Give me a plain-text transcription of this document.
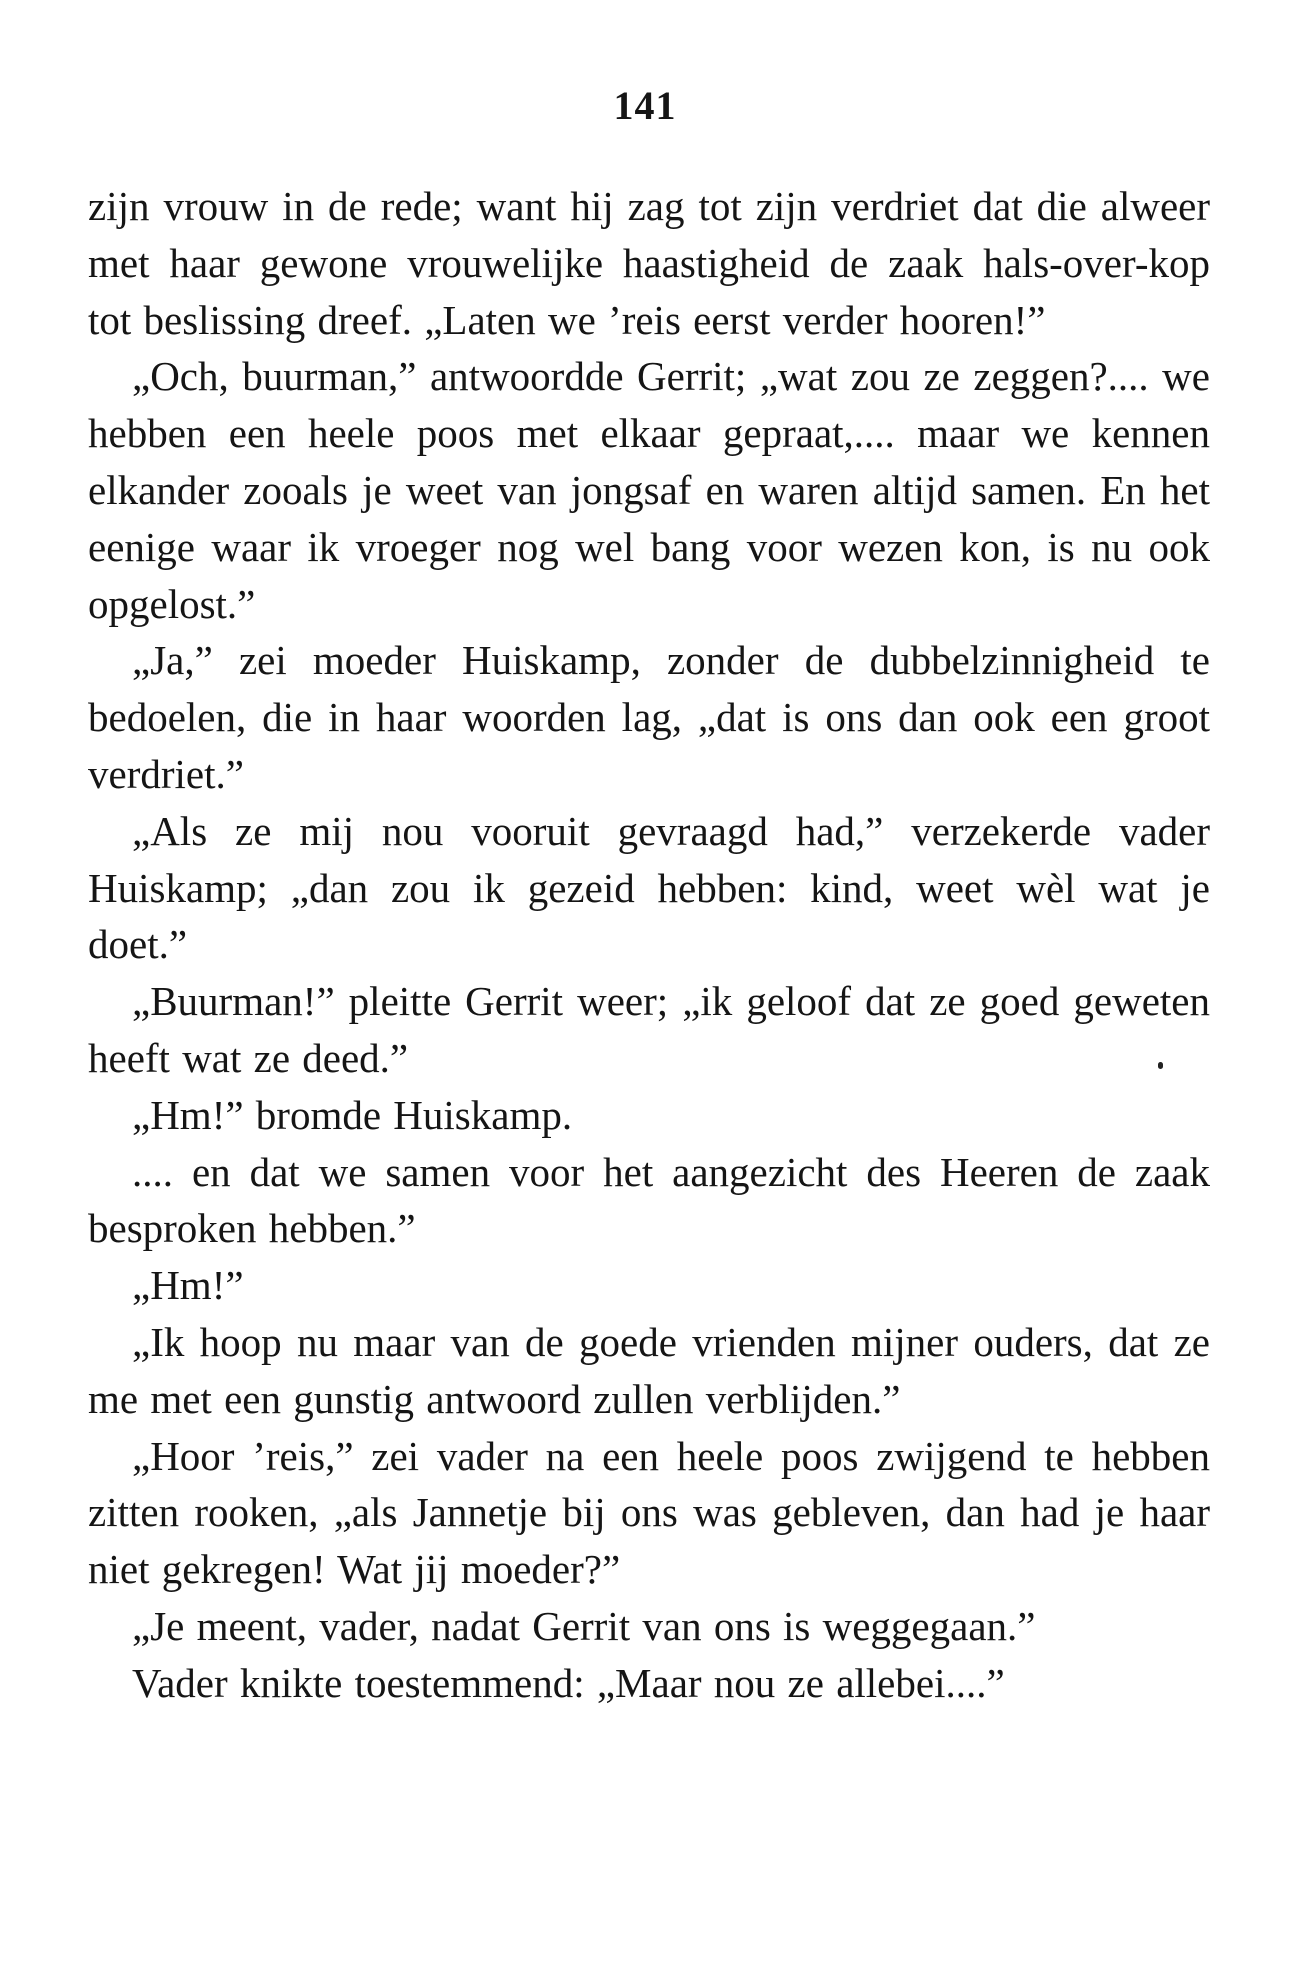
141

zijn vrouw in de rede; want hij zag tot zijn verdriet dat die alweer met haar gewone vrouwelijke haastigheid de zaak hals-over-kop tot beslissing dreef. „Laten we ’reis eerst verder hooren!”

„Och, buurman,” antwoordde Gerrit; „wat zou ze zeggen?.... we hebben een heele poos met elkaar gepraat,.... maar we kennen elkander zooals je weet van jongsaf en waren altijd samen. En het eenige waar ik vroeger nog wel bang voor wezen kon, is nu ook opgelost.”

„Ja,” zei moeder Huiskamp, zonder de dubbelzinnigheid te bedoelen, die in haar woorden lag, „dat is ons dan ook een groot verdriet.”

„Als ze mij nou vooruit gevraagd had,” verzekerde vader Huiskamp; „dan zou ik gezeid hebben: kind, weet wèl wat je doet.”

„Buurman!” pleitte Gerrit weer; „ik geloof dat ze goed geweten heeft wat ze deed.”

„Hm!” bromde Huiskamp.

.... en dat we samen voor het aangezicht des Heeren de zaak besproken hebben.”

„Hm!”

„Ik hoop nu maar van de goede vrienden mijner ouders, dat ze me met een gunstig antwoord zullen verblijden.”

„Hoor ’reis,” zei vader na een heele poos zwijgend te hebben zitten rooken, „als Jannetje bij ons was gebleven, dan had je haar niet gekregen! Wat jij moeder?”

„Je meent, vader, nadat Gerrit van ons is weggegaan.”

Vader knikte toestemmend: „Maar nou ze allebei....”
